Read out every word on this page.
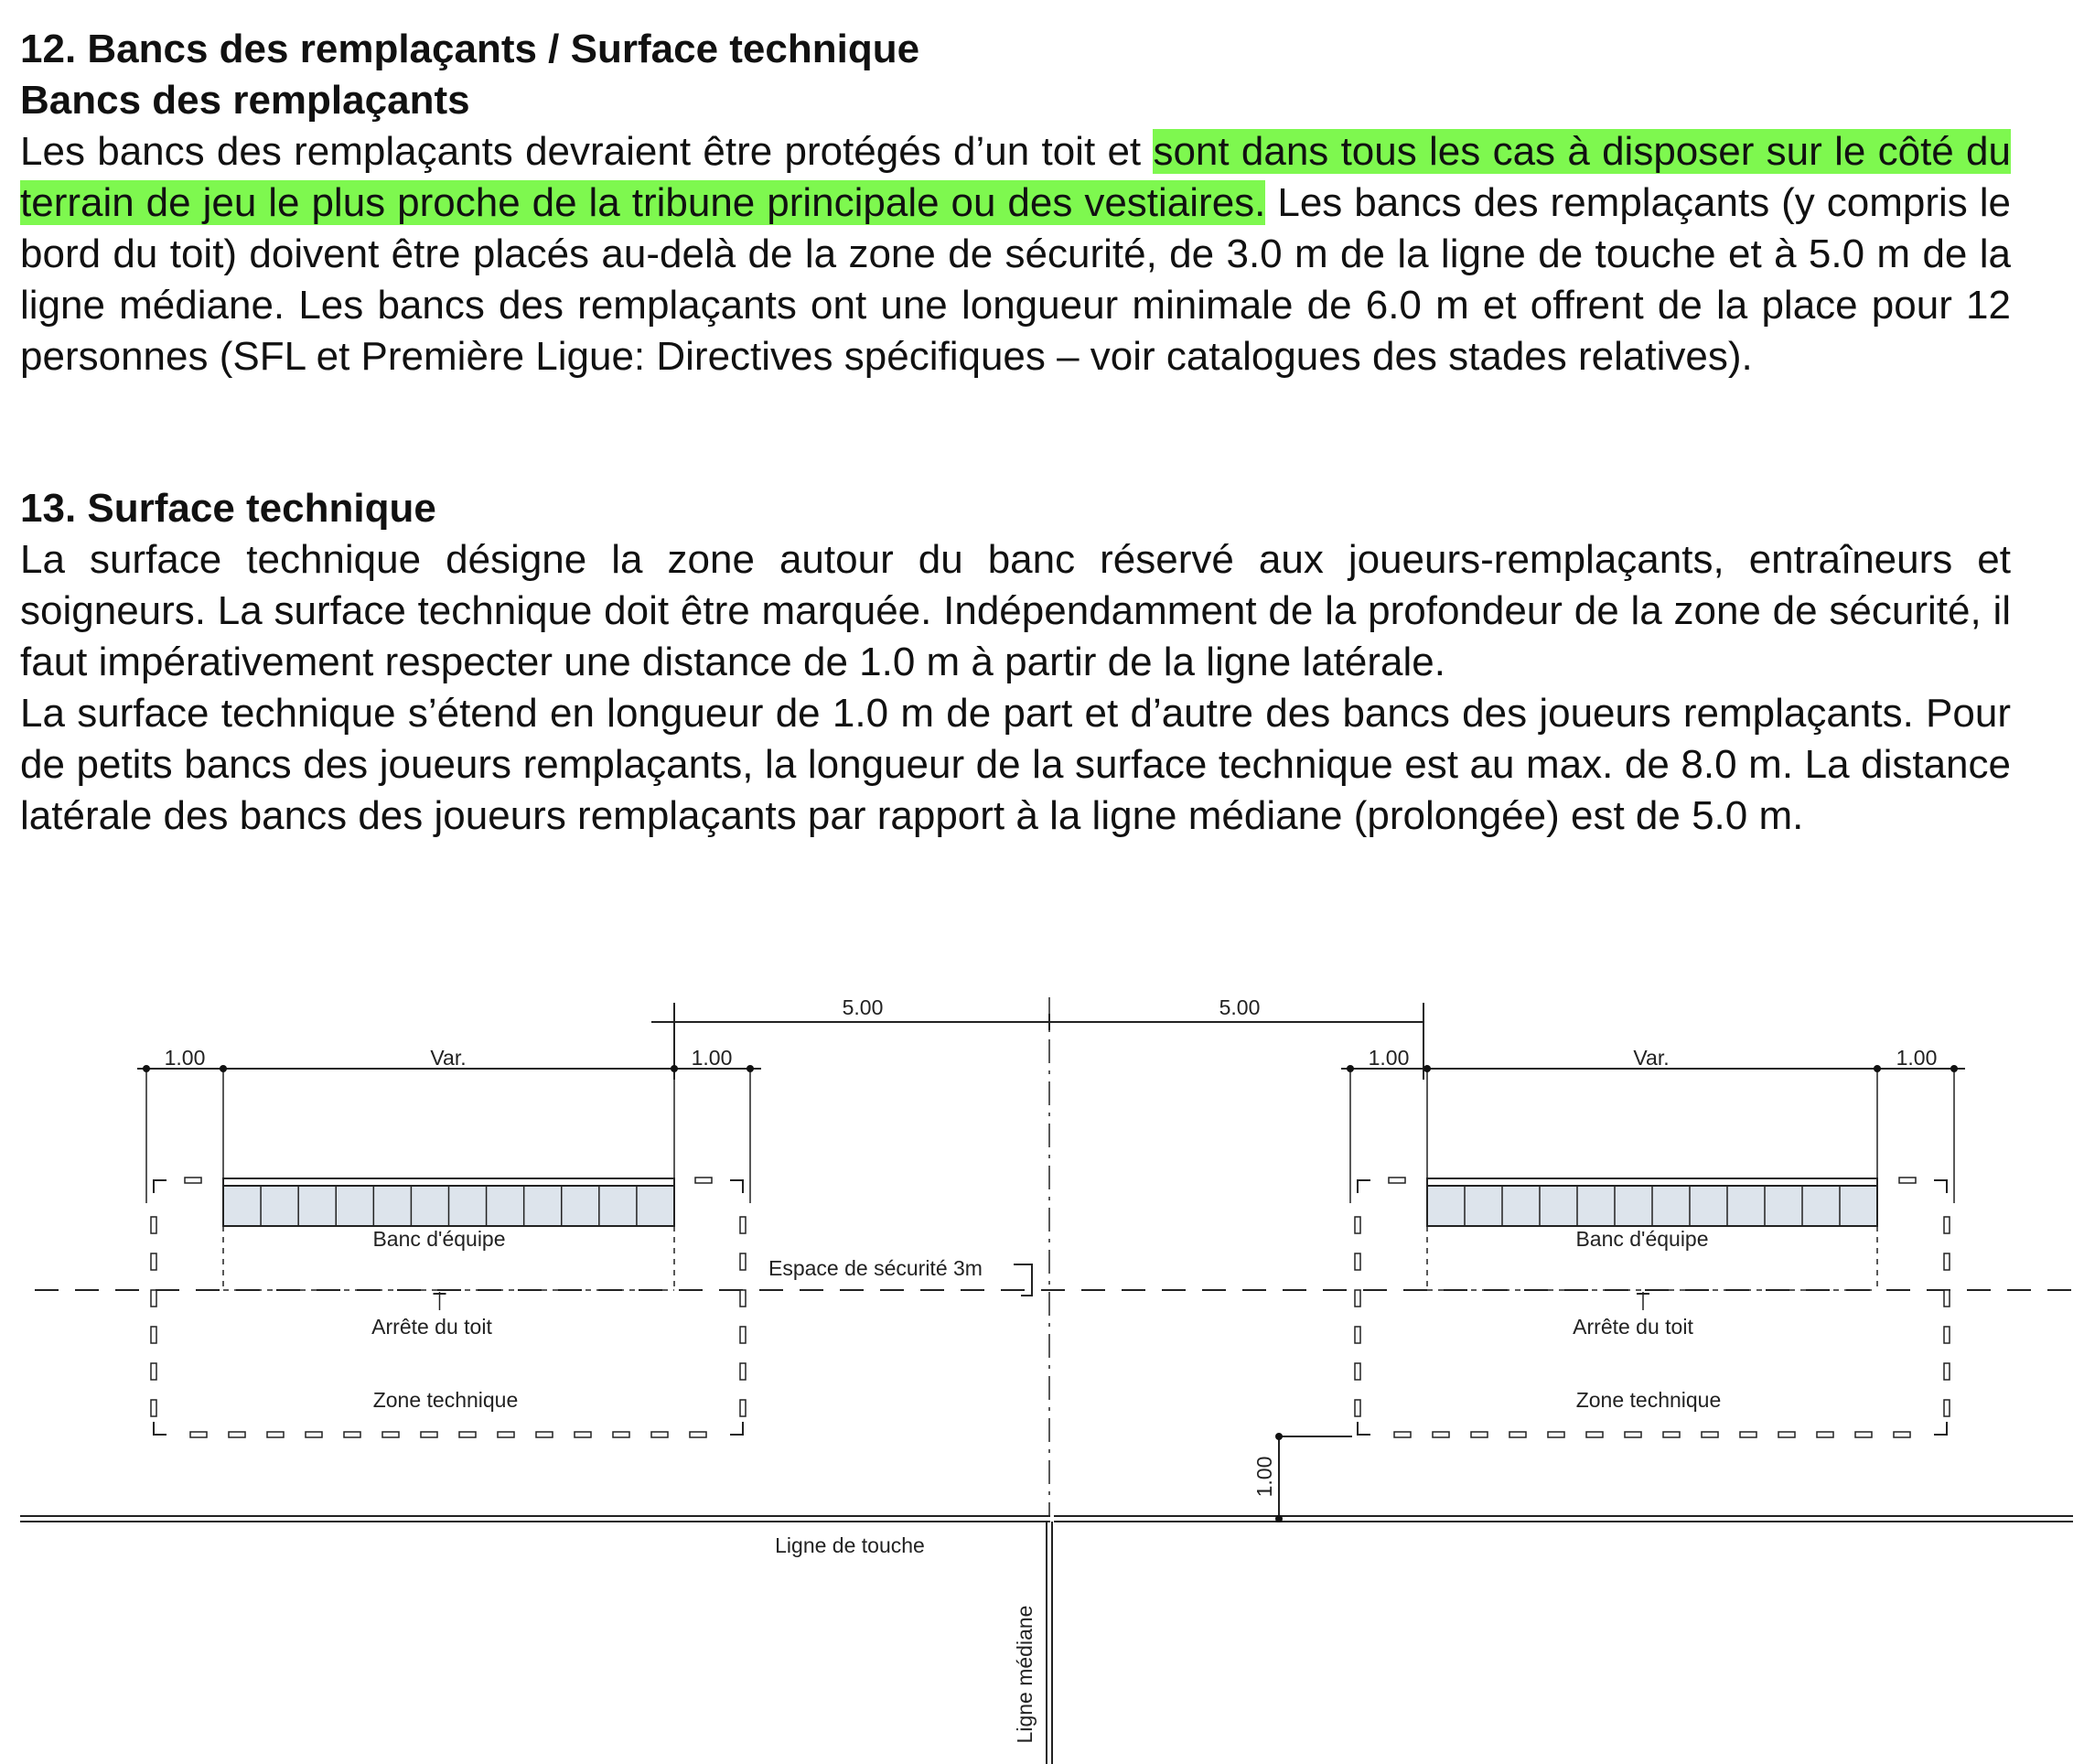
12. Bancs des remplaçants / Surface technique

Bancs des remplaçants

Les bancs des remplaçants devraient être protégés d’un toit et sont dans tous les cas à disposer sur le côté du terrain de jeu le plus proche de la tribune principale ou des vestiaires. Les bancs des remplaçants (y compris le bord du toit) doivent être placés au-delà de la zone de sécurité, de 3.0 m de la ligne de touche et à 5.0 m de la ligne médiane. Les bancs des remplaçants ont une longueur minimale de 6.0 m et offrent de la place pour 12 personnes (SFL et Première Ligue: Directives spécifiques – voir catalogues des stades relatives).

13. Surface technique

La surface technique désigne la zone autour du banc réservé aux joueurs-remplaçants, entraîneurs et soigneurs. La surface technique doit être marquée. Indépendamment de la profondeur de la zone de sécurité, il faut impérativement respecter une distance de 1.0 m à partir de la ligne latérale.

La surface technique s’étend en longueur de 1.0 m de part et d’autre des bancs des joueurs remplaçants. Pour de petits bancs des joueurs remplaçants, la longueur de la surface technique est au max. de 8.0 m. La distance latérale des bancs des joueurs remplaçants par rapport à la ligne médiane (prolongée) est de 5.0 m.

1.00	Var.	1.00
Banc d'équipe
Arrête du toit
Zone technique
5.00	5.00
1.00	Var.	1.00
Banc d'équipe
Arrête du toit
Zone technique
Espace de sécurité 3m
1.00
Ligne de touche
Ligne médiane
